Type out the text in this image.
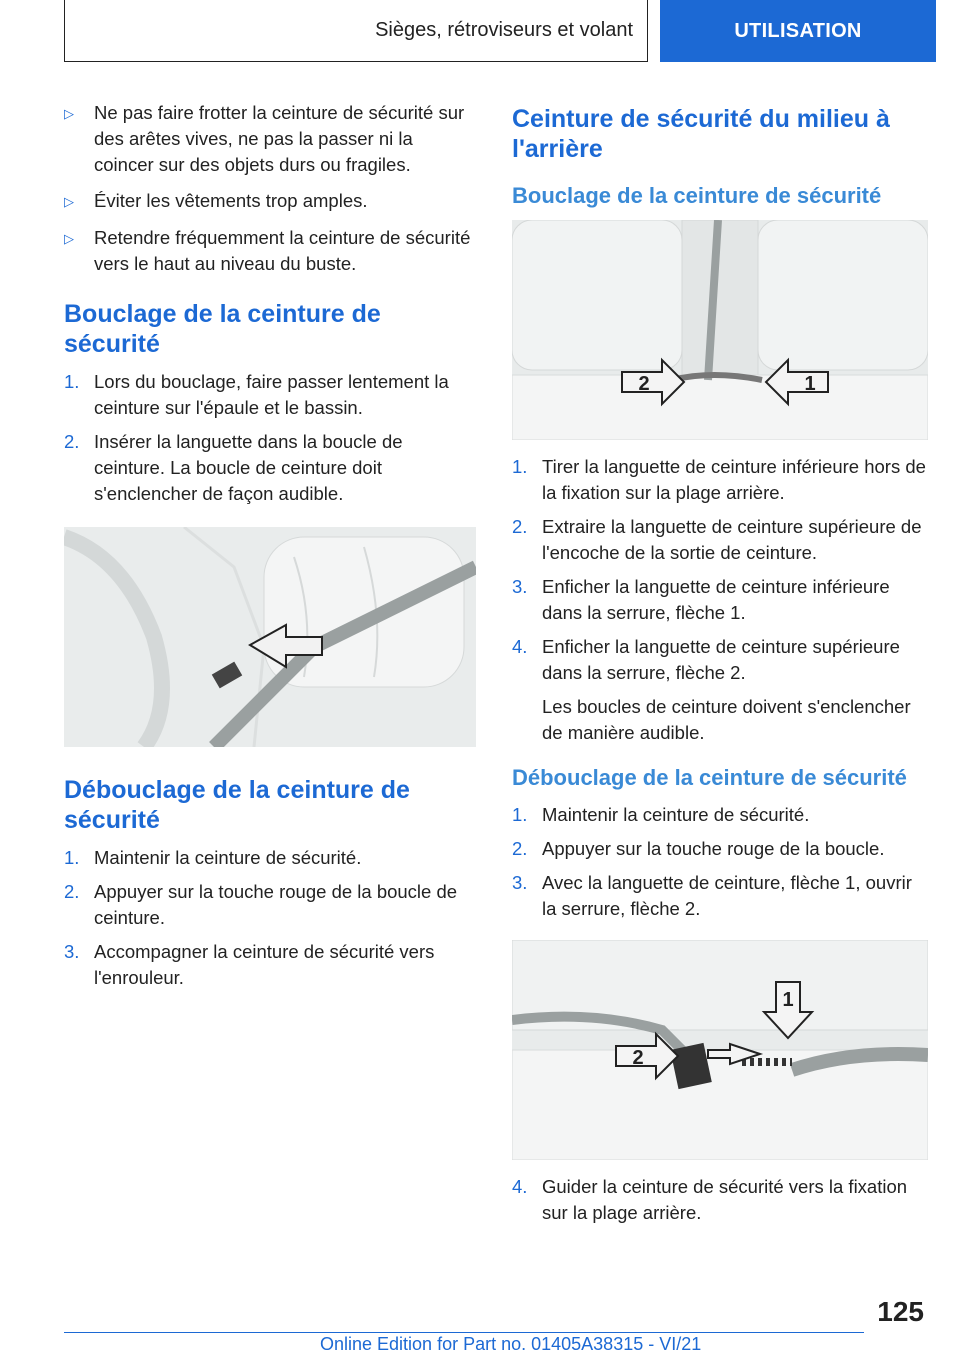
Sièges, rétroviseurs et volant	UTILISATION
▷	Ne pas faire frotter la ceinture de sécurité sur des arêtes vives, ne pas la passer ni la coincer sur des objets durs ou fragiles.
▷	Éviter les vêtements trop amples.
▷	Retendre fréquemment la ceinture de sécurité vers le haut au niveau du buste.
Bouclage de la ceinture de sécurité
1. Lors du bouclage, faire passer lentement la ceinture sur l'épaule et le bassin.
2. Insérer la languette dans la boucle de ceinture. La boucle de ceinture doit s'enclencher de façon audible.
Débouclage de la ceinture de sécurité
1. Maintenir la ceinture de sécurité.
2. Appuyer sur la touche rouge de la boucle de ceinture.
3. Accompagner la ceinture de sécurité vers l'enrouleur.
Ceinture de sécurité du milieu à l'arrière
Bouclage de la ceinture de sécurité
2	1
1. Tirer la languette de ceinture inférieure hors de la fixation sur la plage arrière.
2. Extraire la languette de ceinture supérieure de l'encoche de la sortie de ceinture.
3. Enficher la languette de ceinture inférieure dans la serrure, flèche 1.
4. Enficher la languette de ceinture supérieure dans la serrure, flèche 2.
Les boucles de ceinture doivent s'enclencher de manière audible.
Débouclage de la ceinture de sécurité
1. Maintenir la ceinture de sécurité.
2. Appuyer sur la touche rouge de la boucle.
3. Avec la languette de ceinture, flèche 1, ouvrir la serrure, flèche 2.
1
2
4. Guider la ceinture de sécurité vers la fixation sur la plage arrière.
125
Online Edition for Part no. 01405A38315 - VI/21
